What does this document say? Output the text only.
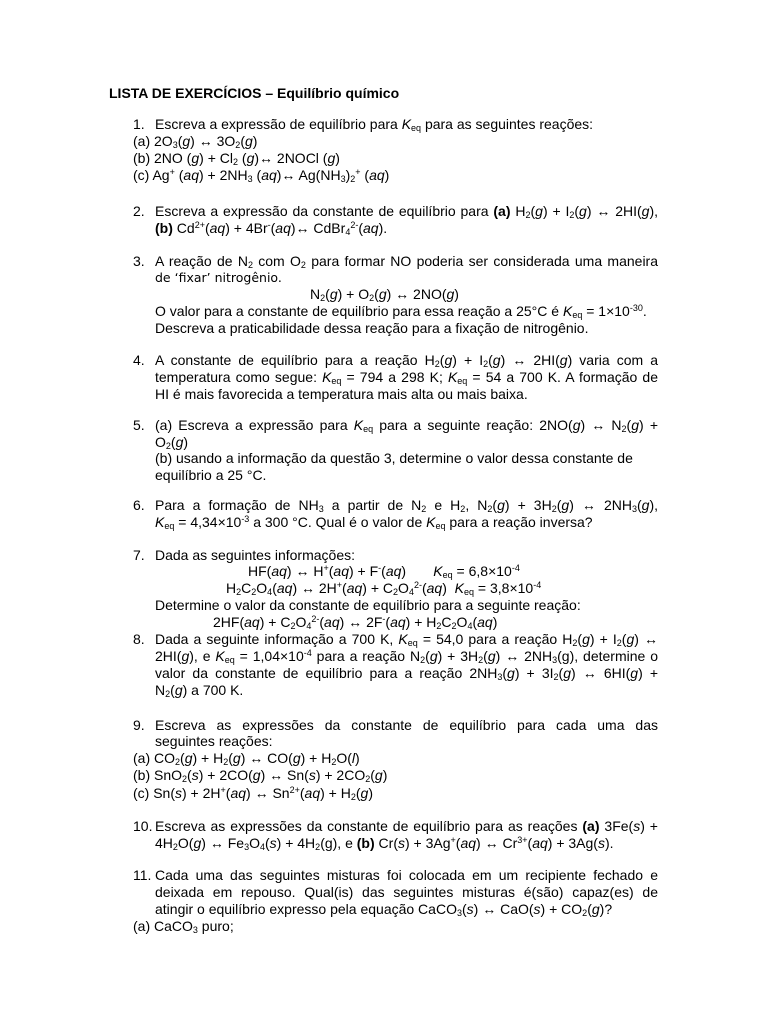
LISTA DE EXERCÍCIOS – Equilíbrio químico
1. Escreva a expressão de equilíbrio para $K_{eq}$ para as seguintes reações:
(a) $2O_3(g)$ ↔ $3O_2(g)$
(b) 2NO $(g) + Cl_2$ (g)↔ 2NOCl (g)
(c) Ag+ $(aq) + 2NH_3$ (aq)↔ $Ag(NH_3)_2^+$ (aq)
2. Escreva a expressão da constante de equilíbrio para (a) $H_2(g) + I_2(g)$ ↔ 2HI(g),
(b) $Cd^{2+}(aq)$ + 4Br-(aq)↔ CdBr$_4^{2-}$(aq).
3. A reação de $N_2$ com $O_2$ para formar NO poderia ser considerada uma maneira
de ‘fixar’ nitrogênio.
$N_2(g) + O_2(g)$ ↔ 2NO(g)
O valor para a constante de equilíbrio para essa reação a 25°C é $K_{eq} = 1\times 10^{-30}$.
Descreva a praticabilidade dessa reação para a fixação de nitrogênio.
4. A constante de equilíbrio para a reação $H_2(g) + I_2(g)$ ↔ 2HI(g) varia com a
temperatura como segue: $K_{eq} = 794$ a 298 K; $K_{eq} = 54$ a 700 K. A formação de
HI é mais favorecida a temperatura mais alta ou mais baixa.
5. (a) Escreva a expressão para $K_{eq}$ para a seguinte reação: 2NO(g) ↔ $N_2(g)$ +
$O_2(g)$
(b) usando a informação da questão 3, determine o valor dessa constante de
equilíbrio a 25 °C.
6. Para a formação de $NH_3$ a partir de $N_2$ e $H_2$, $N_2(g) + 3H_2(g)$ ↔ $2NH_3(g)$,
$K_{eq} = 4,34\times 10^{-3}$ a 300 °C. Qual é o valor de $K_{eq}$ para a reação inversa?
7. Dada as seguintes informações:
HF(aq) ↔ H+(aq) + F-(aq)       $K_{eq} = 6,8\times 10^{-4}$
$H_2C_2O_4(aq)$ ↔ $2H^+(aq) + C_2O_4^{2-}(aq) K_{eq} = 3,8\times 10^{-4}$
Determine o valor da constante de equilíbrio para a seguinte reação:
$2HF(aq) + C_2O_4^{2-}(aq)$ ↔ $2F^-(aq) + H_2C_2O_4(aq)$
8. Dada a seguinte informação a 700 K, $K_{eq} = 54,0$ para a reação $H_2(g) + I_2(g)$ ↔
2HI(g), e $K_{eq} = 1,04\times 10^{-4}$ para a reação $N_2(g) + 3H_2(g)$ ↔ $2NH_3(g)$, determine o
valor da constante de equilíbrio para a reação $2NH_3(g) + 3I_2(g)$ ↔ 6HI(g) +
$N_2(g)$ a 700 K.
9. Escreva as expressões da constante de equilíbrio para cada uma das
seguintes reações:
(a) $CO_2(g) + H_2(g)$ ↔ $CO(g) + H_2O(l)$
(b) SnO$_2$(s) + 2CO(g) ↔ $Sn(s) + 2CO_2(g)$
(c) Sn(s) + 2H+(aq) ↔ $Sn^{2+}(aq) + H_2(g)$
10. Escreva as expressões da constante de equilíbrio para as reações (a) 3Fe(s) +
$4H_2O(g)$ ↔ $Fe_3O_4(s) + 4H_2(g)$, e (b) Cr(s) + 3Ag+(aq) ↔ $Cr^{3+}(aq) + 3Ag(s)$.
11. Cada uma das seguintes misturas foi colocada em um recipiente fechado e
deixada em repouso. Qual(is) das seguintes misturas é(são) capaz(es) de
atingir o equilíbrio expresso pela equação CaCO$_3$(s) ↔ $CaO(s) + CO_2(g)$?
(a) CaCO$_3$ puro;
